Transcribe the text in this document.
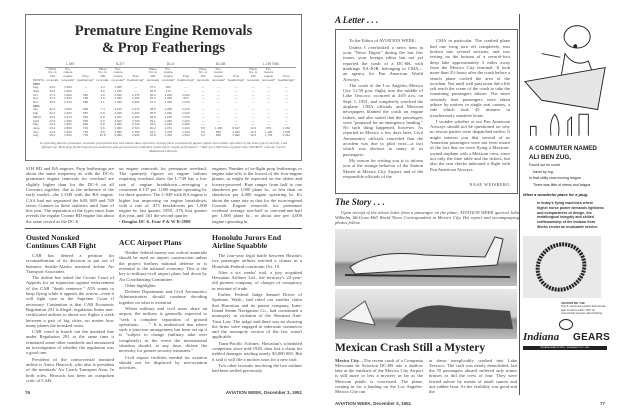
Premature Engine Removals
& Prop Featherings
	L-049			B-377			DC-6			DC-6B			L-749 TWA		
MONTH	Plane hrs. to 100 removals	Pre-mature engine removals*	Prop Featherings*	Plane hrs. to 100 removals	Pre-mature engine removals*	Prop Featherings*	Plane hrs. to 100 removals	Pre-mature engine removals*	Prop Featherings*	Plane hrs. to 100 removals	Pre-mature engine removals*	Prop Featherings*	Plane hrs. to 100 removals	Pre-mature engine removals*	Prop Featherings*
1950															
Aug	24.0	1,400	—	4.3	1,285	—	27.1	400	—	—	—	—	—	—	—
Sept	23.3	1,500	—	4.2	1,750	—	26.9	770	—	—	—	—	—	—	—
Oct	17.2	1,600	650	4.6	2,620	2,176	26.0	1,200	1,020	—	—	—	—	—	—
Nov	17.5	1,350	790	4.9	2,030	2,160	25.2	1,260	870	—	—	—	—	—	—
Dec	16.0	1,310	985	4.1	1,460	2,580	27.6	1,360	1,010	—	—	—	—	—	—
1951															
Jan	22.4	1,600	690	7.4	4,120	2,472	28.5	1,280	1,270	—	—	—	—	—	—
Feb	22.4	1,600	687	6.8	4,406	2,400	25.5	1,090	1,010	—	—	—	—	—	—
March	22.4	2,470	660	6.8	4,404	2,403	28.5	1,180	1,070	—	—	—	—	—	—
April	22.6	1,450	800	6.9	3,510	2,730	29.1	1,060	1,020	—	—	—	—	—	—
May	23.0	1,600	890	6.8	3,390	2,720	29.5	1,180	1,080	—	—	—	—	—	—
June	23.2	1,500	710	9.9	3,390	2,720	30.2	1,070	1,440	5.5	1,400	8,107	14.3	670	1,160
July	24.0	1,600	710	9.8	3,390	2,760	32.1	1,310	1,430	4.6	890	1,920	14.3	1,190	1,500
Aug	26.2	1,520	753	10.8	3,380	2,930	32.8	1,350	1,500	5.2	880	1,920	16.3	1,752	2,344
In reporting failures, premature removals, prop featherings and similar data, operators of large fleets consequently appear higher than smaller operators of the same type of aircraft. CAA officials say. Most prop featherings are precautionary and not necessarily indicative of aircraft or engine performance. * Rate per 1,000 hours of plane time. SOURCE: CAA Air Carrier Maintenance Branch.
S1H BD and BA engines. Prop featherings are about the same frequency as with the DC-6; premature engine removals for overhaul are slightly higher than for the DC-6 on all Convairs together, due to the influence of the early model—the L-049 with the BA engine. CAA had not separated the 649, 689 and 749 series Connies in these statistics until June of this year. The separation of the types since June reveals the regular Connie BD engine has about the same record as the DC-6
on engine removals for premature overhaul. The quarterly figures on engine failures requiring overhaul show the L-749 has a low rate of engine breakdown—averaging a consistent 0.137 per 1,000 engine operating hr. for three quarters. The L-049 with BA engine is higher but improving on engine breakdown, with a rate of .475 breakdowns per 1,000 engine hr. last quarter 1950, .376 first quarter this year, and .161 the second quarter.
• Douglas DC-6. Four P & W R-2800
engines: Number of in-flight prop featherings or engine take-offs is the lowest of the four-engine planes, as might be expected on the oldest and lowest-powered. Rate ranges from half to one shutdown per 1,000 plane hr., or less than on shutdown per 4,000 engine operating hr. It's about the same rate as that for the twin-engined Convair. Engine removals for premature overhaul average one-half to one-and-one-half per 1,000 plane hr., or about one per 4,000 engine operating hr.
Ousted Nonsked Continues CAB Fight

CAB has denied a petition for reconsideration of its decision to put out of business Seattle-Alaska nonsked airline Air Transport Associates.

The airline has asked the Circuit Court of Appeals for an injunction against enforcement of the CAB "death sentence." ATA wants to keep flying while it appeals the action—even it will fight case to the Supreme Court if necessary. Contention is that CAB Economic Regulation 291 is illegal, regulation limits non-certificated airlines to about two flights a week between a pair of big cities, no matter how many planes the nonsked owns.

CAB voted to knock out the nonsked line under Regulation 291 at the same time it reinstated some other nonskeds and announced an investigation of whether the regulation was a good one.

President of the controversial nonsked airline is Amos Heacock, who also is president of the nonskeds' Air Coach Transport Assn. In both roles, Heacock has been an outspoken critic of CAB.

ACC Airport Plans

Neither federal money nor critical materials should be used on airport construction unless the project furthers national defense or is essential to the national economy. This is the key to military-civil airport plans laid down by Air Coordinating Committee.

Other highlights:

Defense Department and Civil Aeronautics Administration should continue deciding together on what is essential.

Where military and civil users share an airport, the military is generally expected to "seek a complete separation of ground operations. . . ." It is understood that where such a joint-use arrangement has been set up it is "subject to change (military take over completely) in the event the international situation should, at any time, dictate the necessity for greater security measures."

Civil airport facilities needed for aviation should not be displaced by non-aviation activities.

Honolulu Jurors End Airline Squabble

The four-year legal battle between Hawaii's two passenger airlines reached a climax in a Honolulu Federal courtroom Oct. 19.

After a six weeks' trial, a jury acquitted Hawaiian Airlines Ltd., the territory's 22-year-old pioneer company, of charges of conspiracy in restraint of trade.

Earlier, Federal Judge Samuel Driver of Spokane, Wash., had ruled out another claim that Hawaiian and its parent company, Inter-Island Steam Navigation Co., had constituted a monopoly in violation of the Sherman Anti-Trust Law. The judge said there was no showing the firms were engaged in interstate commerce and the monopoly section of the law wasn't applicable.

Trans-Pacific Airlines, Hawaiian's scheduled competitor since mid-1949, then lost a claim for trebled damages totaling nearly $3,000,000. But it said it will file a motion soon for a new trial.

Two other lawsuits involving the two airlines had been settled previously.

76	AVIATION WEEK, December 3, 1951
A Letter . . .

To the Editor of AVIATION WEEK:

Unless I overlooked a news item in your "News Digest" during the last few issues, your foreign editor has not yet reported the crash of a DC-6B, with markings XA-JOR, belonging to CMA—an agency for Pan American World Airways.

The crash of the Los Angeles–Mexico City 11:50 p.m. flight, into the middle of Lake Texcoco, occurred at 4:05 a.m. on Sept. 1, 1951, and completely wrecked the airplane. CMA officials and Mexican newspapers blamed the crash on engine failure, and also stated that the passengers were "prepared for an emergency landing." No such thing happened, however. As reported in Mexico a few days later, Civil Aeronautics officials conceded that the accident was due to pilot error—a fact which was obvious to many of us passengers.

My reason for writing you is to inform you of the strange behavior of the Station Master at Mexico City Airport, and of the responsible officials of the

CMA in particular. The crashed plane had one wing torn off completely, was broken into several sections, and was resting on the bottom of a several-foot deep lake approximately 3 miles away from the Mexico City terminal. It took more than 3½ hours after the crash before a search plane circled the area of the accident. Not until well past noon did a life raft reach the scene of the crash to take the remaining passengers ashore. The more seriously hurt passengers were taken ashore by natives in single seat canoes, a ride which took 45 minutes in treacherously sensitive boats.

I wonder whether or not Pan American Airways should not be questioned on why no rescue parties were dispatched earlier. It might interest you that several of us American passengers were not even aware of the fact that we were flying a Mexican-owned airplane with a Mexican crew, since not only the time table and the tickets, but also the seat checks indicated a flight with Pan American Airways.

NASE WEISBERG
The Story . . .
Upon receipt of the above letter from a passenger on the plane, AVIATION WEEK queried John Wilhelm, McGraw-Hill World News Correspondent in Mexico City. His report and accompanying photos follow.
Mexican Crash Still a Mystery
Mexico City—The recent crash of a Compania Mexicana de Aviacion DC-6B into a shallow lake at the outskirts of the Mexico City Airport is still more or less a mystery as far as the Mexican public is concerned. The plane, coming in for a landing on the Los Angeles-Mexico City run
at dawn inexplicably crashed into Lake Texcoco. The craft was nearly demolished, but the 59 passengers aboard suffered only minor bruises as did the crew of four. They were ferried ashore by means of small canoes and one rubber boat. As the visibility was good and the
A COMMUTER NAMED
ALI BEN ZUG,
Found out he could
travel by rug.
In that utility slow moving league
There was little of stress and fatigue
What a wonderful place for a plug.
In today's flying machines where higher horse power demands lightness and compactness of design, the metallurgical integrity and skilled craftsmanship of the Indiana Gear Works render an invaluable service.
AVIATION MR. TUB:
This 9" overrunning clutch and internal gear is held to within .003" for concentricity and size after finishing.
Indiana GEARS
INDIANA GEAR WORKS • INDIANAPOLIS 7, IND.
AVIATION WEEK, December 3, 1951	77
